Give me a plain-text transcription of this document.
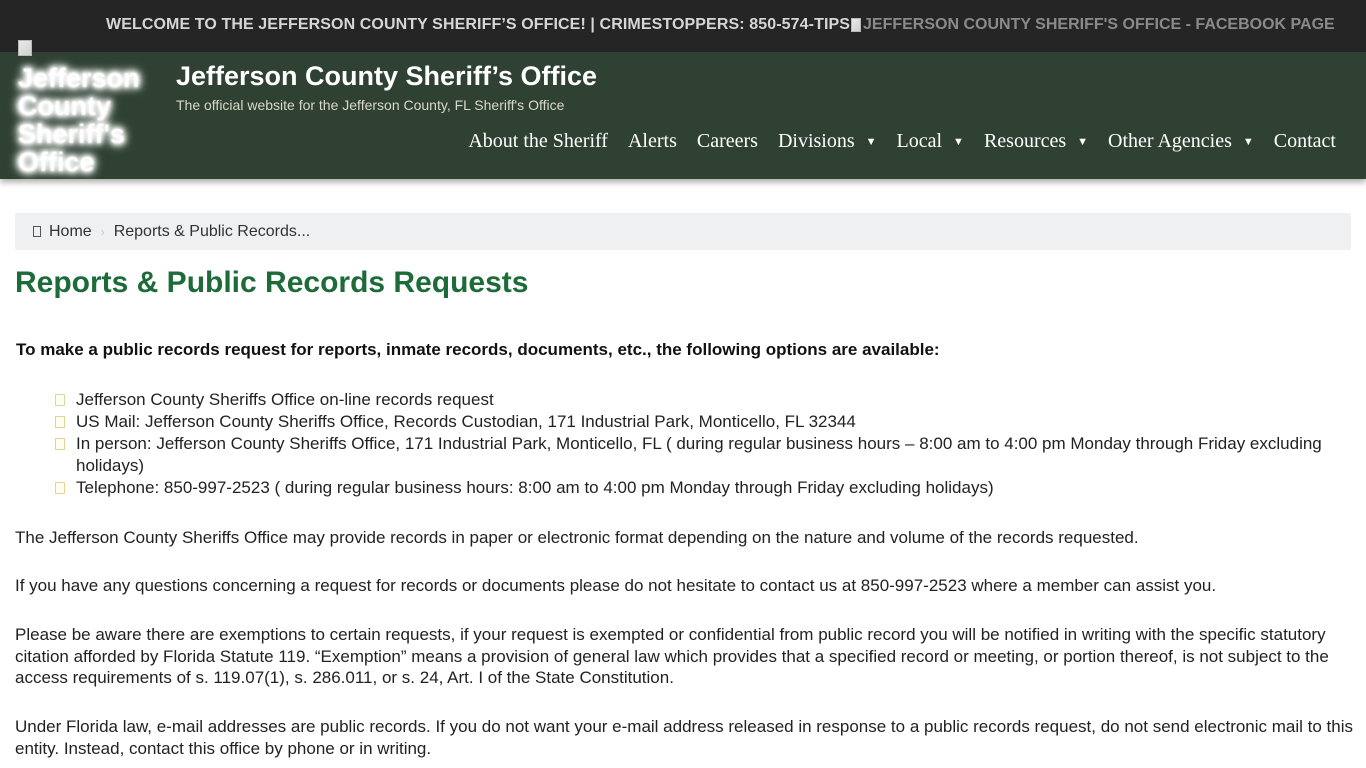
WELCOME TO THE JEFFERSON COUNTY SHERIFF’S OFFICE! | CRIMESTOPPERS: 850-574-TIPS JEFFERSON COUNTY SHERIFF'S OFFICE - FACEBOOK PAGE
Jefferson County Sheriff's Office
Jefferson County Sheriff’s Office
The official website for the Jefferson County, FL Sheriff's Office
About the Sheriff Alerts Careers Divisions ▼ Local ▼ Resources ▼ Other Agencies ▼ Contact
Home › Reports & Public Records...
Reports & Public Records Requests

To make a public records request for reports, inmate records, documents, etc., the following options are available:

Jefferson County Sheriffs Office on-line records request
US Mail: Jefferson County Sheriffs Office, Records Custodian, 171 Industrial Park, Monticello, FL 32344
In person: Jefferson County Sheriffs Office, 171 Industrial Park, Monticello, FL ( during regular business hours – 8:00 am to 4:00 pm Monday through Friday excluding holidays)
Telephone: 850-997-2523 ( during regular business hours: 8:00 am to 4:00 pm Monday through Friday excluding holidays)

The Jefferson County Sheriffs Office may provide records in paper or electronic format depending on the nature and volume of the records requested.

If you have any questions concerning a request for records or documents please do not hesitate to contact us at 850-997-2523 where a member can assist you.

Please be aware there are exemptions to certain requests, if your request is exempted or confidential from public record you will be notified in writing with the specific statutory citation afforded by Florida Statute 119. “Exemption” means a provision of general law which provides that a specified record or meeting, or portion thereof, is not subject to the access requirements of s. 119.07(1), s. 286.011, or s. 24, Art. I of the State Constitution.

Under Florida law, e-mail addresses are public records. If you do not want your e-mail address released in response to a public records request, do not send electronic mail to this entity. Instead, contact this office by phone or in writing.
